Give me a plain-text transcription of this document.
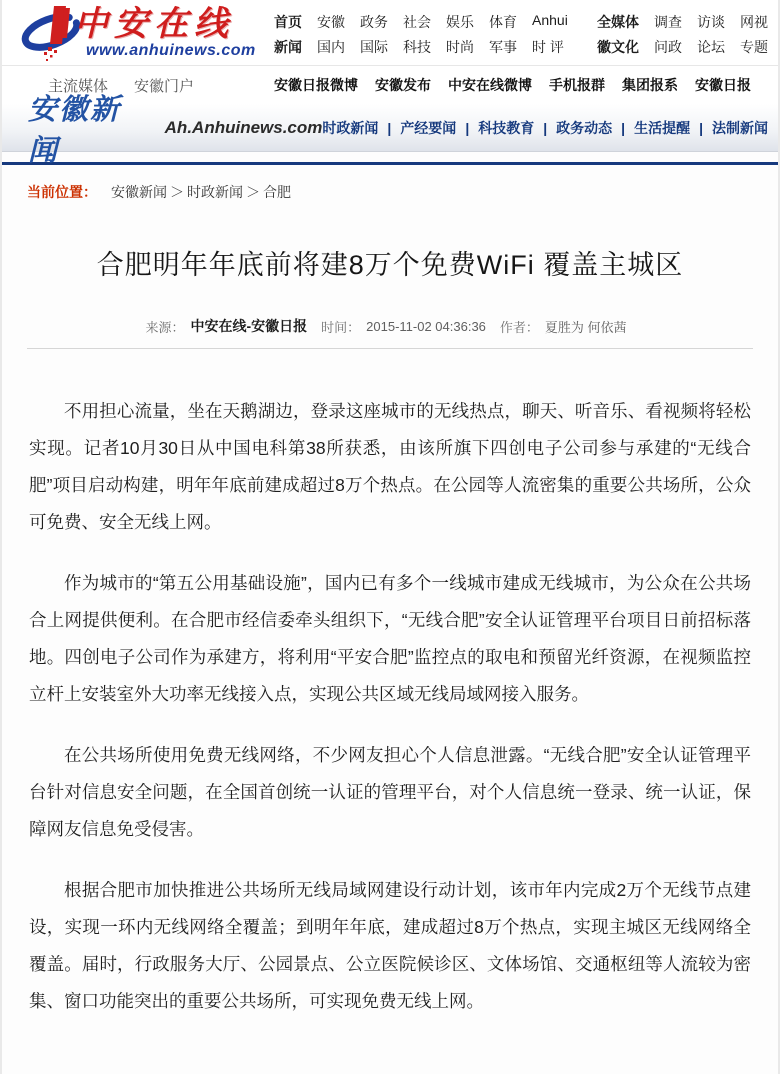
中安在线
www.anhuinews.com
首页 安徽 政务 社会 娱乐 体育 Anhui 全媒体 调查 访谈 网视
新闻 国内 国际 科技 时尚 军事 时 评 徽文化 问政 论坛 专题
主流媒体 安徽门户	安徽日报微博 安徽发布 中安在线微博 手机报群 集团报系 安徽日报
安徽新闻
Ah.Anhuinews.com 时政新闻 | 产经要闻 | 科技教育 | 政务动态 | 生活提醒 | 法制新闻
当前位置： 安徽新闻 ＞ 时政新闻 ＞ 合肥
合肥明年年底前将建8万个免费WiFi 覆盖主城区
来源： 中安在线-安徽日报 时间： 2015-11-02 04:36:36 作者： 夏胜为 何依茜

不用担心流量，坐在天鹅湖边，登录这座城市的无线热点，聊天、听音乐、看视频将轻松实现。记者10月30日从中国电科第38所获悉，由该所旗下四创电子公司参与承建的“无线合肥”项目启动构建，明年年底前建成超过8万个热点。在公园等人流密集的重要公共场所，公众可免费、安全无线上网。

作为城市的“第五公用基础设施”，国内已有多个一线城市建成无线城市，为公众在公共场合上网提供便利。在合肥市经信委牵头组织下，“无线合肥”安全认证管理平台项目日前招标落地。四创电子公司作为承建方，将利用“平安合肥”监控点的取电和预留光纤资源，在视频监控立杆上安装室外大功率无线接入点，实现公共区域无线局域网接入服务。

在公共场所使用免费无线网络，不少网友担心个人信息泄露。“无线合肥”安全认证管理平台针对信息安全问题，在全国首创统一认证的管理平台，对个人信息统一登录、统一认证，保障网友信息免受侵害。

根据合肥市加快推进公共场所无线局域网建设行动计划，该市年内完成2万个无线节点建设，实现一环内无线网络全覆盖；到明年年底，建成超过8万个热点，实现主城区无线网络全覆盖。届时，行政服务大厅、公园景点、公立医院候诊区、文体场馆、交通枢纽等人流较为密集、窗口功能突出的重要公共场所，可实现免费无线上网。
